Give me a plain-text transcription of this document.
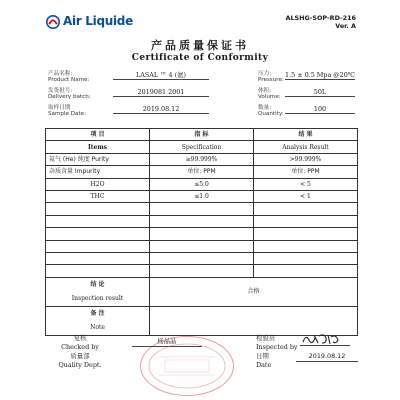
Air Liquide	ALSHG-SOP-RD-216
Ver. A
产品质量保证书
Certificate of Conformity
产品名称:
Product Name:
LASAL ™ 4 (氦)
发货批号:
Delivery batch:
2019081 2001
取样日期
Sample Date:
2019.08.12
压力:
Pressure:
1.5 ± 0.5 Mpa @20℃
体积:
Volume:
50L
数量:
Quantity:
100
项 目	指 标	结 果
Items	Specification	Analysis Result
氦气 (He) 纯度 Purity	≥99.999%	>99.999%
杂质含量 Impurity	单位: PPM	单位: PPM
H2O	≤5.0	< 5
THC	≤1.0	< 1

结 论
Inspection result	合格	

备 注
Note		

复核
Checked by
质量部
Quality Dept.
杨晶晶	检验员
Inspected by
日期
Date
2019.08.12
